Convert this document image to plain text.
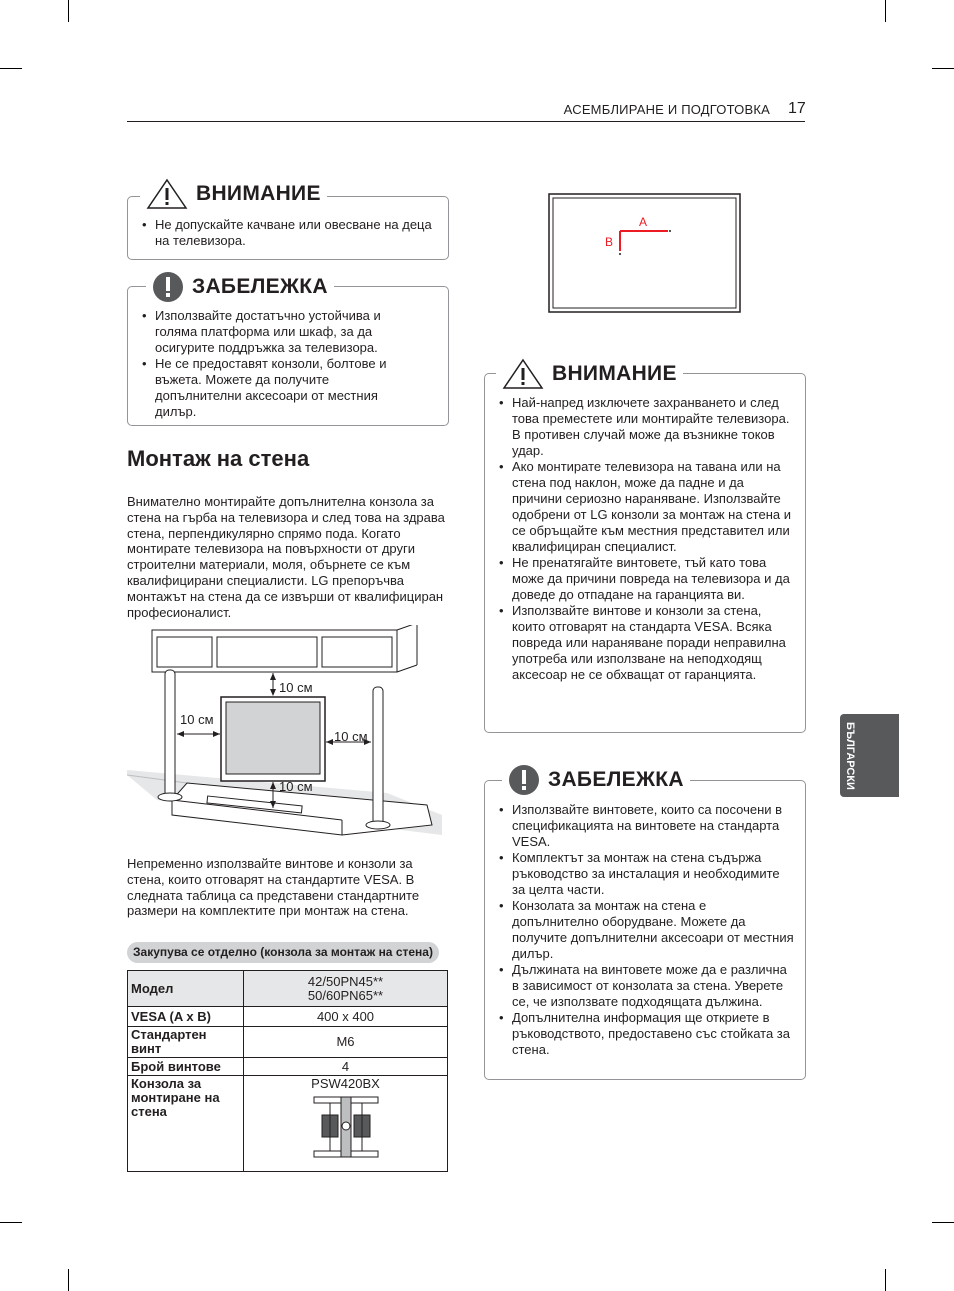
АСЕМБЛИРАНЕ И ПОДГОТОВКА 17
БЪЛГАРСКИ
• Не допускайте качване или овесване на деца на телевизора.
ВНИМАНИЕ
• Използвайте достатъчно устойчива и голяма платформа или шкаф, за да осигурите поддръжка за телевизора.
• Не се предоставят конзоли, болтове и въжета. Можете да получите допълнителни аксесоари от местния дилър.
ЗАБЕЛЕЖКА
Монтаж на стена

Внимателно монтирайте допълнителна конзола за стена на гърба на телевизора и след това на здрава стена, перпендикулярно спрямо пода. Когато монтирате телевизора на повърхности от други строителни материали, моля, обърнете се към квалифицирани специалисти. LG препоръчва монтажът на стена да се извърши от квалифициран професионалист.

10 см
10 см
10 см
10 см

Непременно използвайте винтове и конзоли за стена, които отговарят на стандартите VESA. В следната таблица са представени стандартните размери на комплектите при монтаж на стена.

Закупува се отделно (конзола за монтаж на стена)
Модел	42/50PN45**
50/60PN65**
VESA (A x B)	400 x 400
Стандартен винт	M6
Брой винтове	4
Конзола за монтиране на стена	PSW420BX
A
B
• Най-напред изключете захранването и след това преместете или монтирайте телевизора. В противен случай може да възникне токов удар.
• Ако монтирате телевизора на тавана или на стена под наклон, може да падне и да причини сериозно нараняване. Използвайте одобрени от LG конзоли за монтаж на стена и се обръщайте към местния представител или квалифициран специалист.
• Не пренатягайте винтовете, тъй като това може да причини повреда на телевизора и да доведе до отпадане на гаранцията ви.
• Използвайте винтове и конзоли за стена, които отговарят на стандарта VESA. Всяка повреда или нараняване поради неправилна употреба или използване на неподходящ аксесоар не се обхващат от гаранцията.
ВНИМАНИЕ
• Използвайте винтовете, които са посочени в спецификацията на винтовете на стандарта VESA.
• Комплектът за монтаж на стена съдържа ръководство за инсталация и необходимите за целта части.
• Конзолата за монтаж на стена е допълнително оборудване. Можете да получите допълнителни аксесоари от местния дилър.
• Дължината на винтовете може да е различна в зависимост от конзолата за стена. Уверете се, че използвате подходящата дължина.
• Допълнителна информация ще откриете в ръководството, предоставено със стойката за стена.
ЗАБЕЛЕЖКА
